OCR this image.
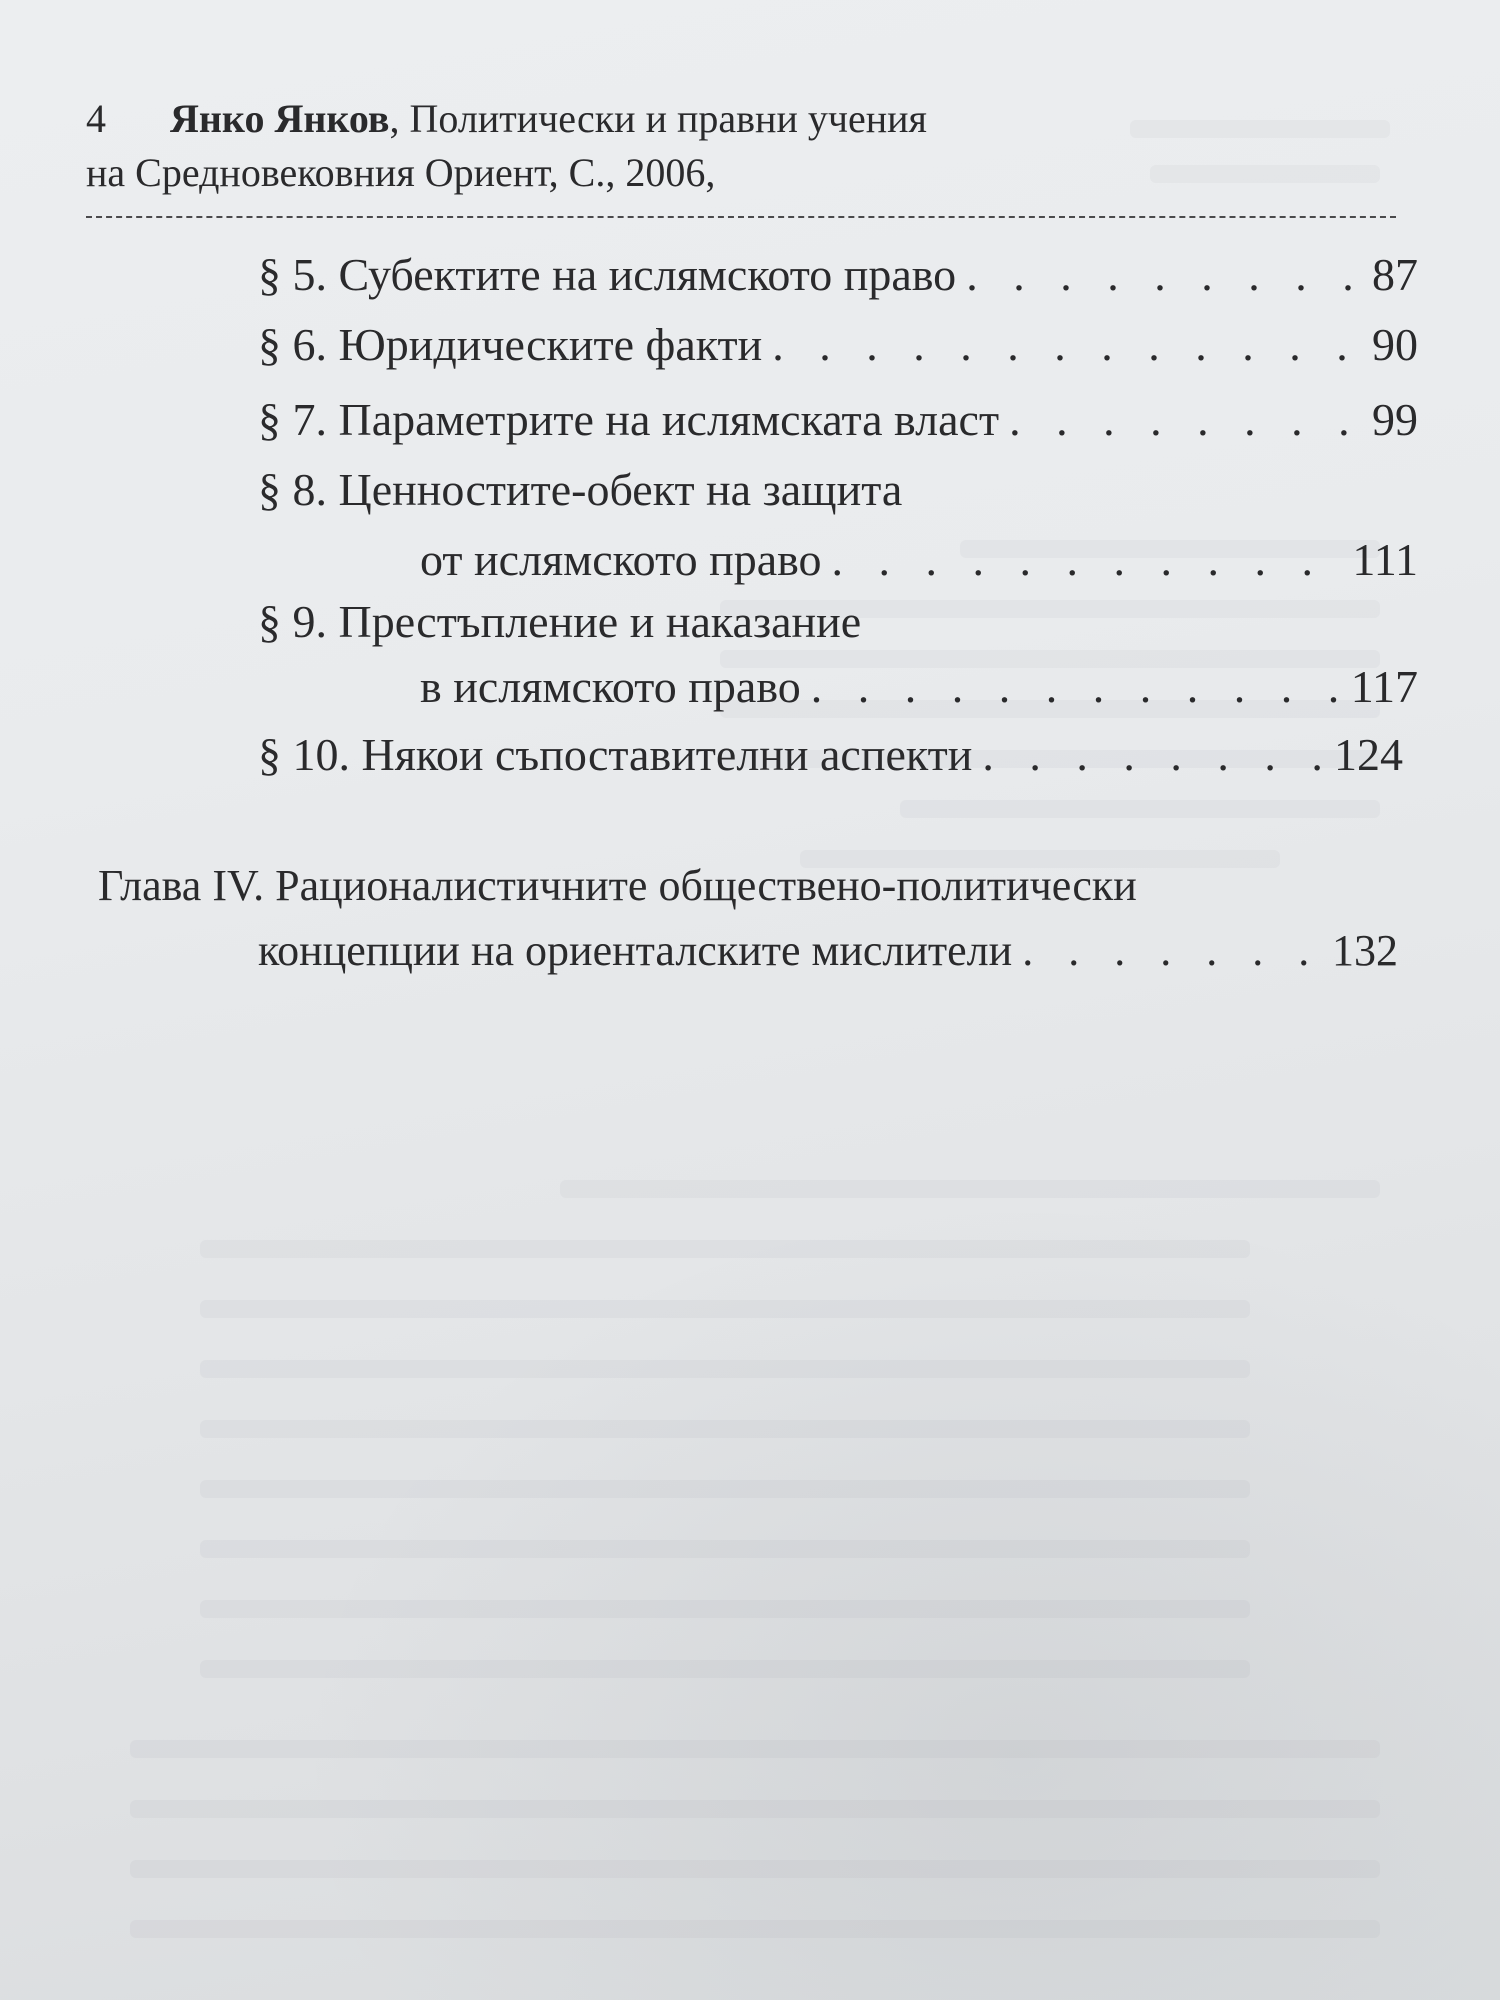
4 Янко Янков, Политически и правни учения
на Средновековния Ориент, С., 2006,
§ 5. Субектите на ислямското право . . .	87
§ 6. Юридическите факти . . .	90
§ 7. Параметрите на ислямската власт . . .	99
§ 8. Ценностите-обект на защита
от ислямското право . . .	111
§ 9. Престъпление и наказание
в ислямското право . . .	117
§ 10. Някои съпоставителни аспекти . . .	124
Глава IV. Рационалистичните обществено-политически
концепции на ориенталските мислители . . .	132
